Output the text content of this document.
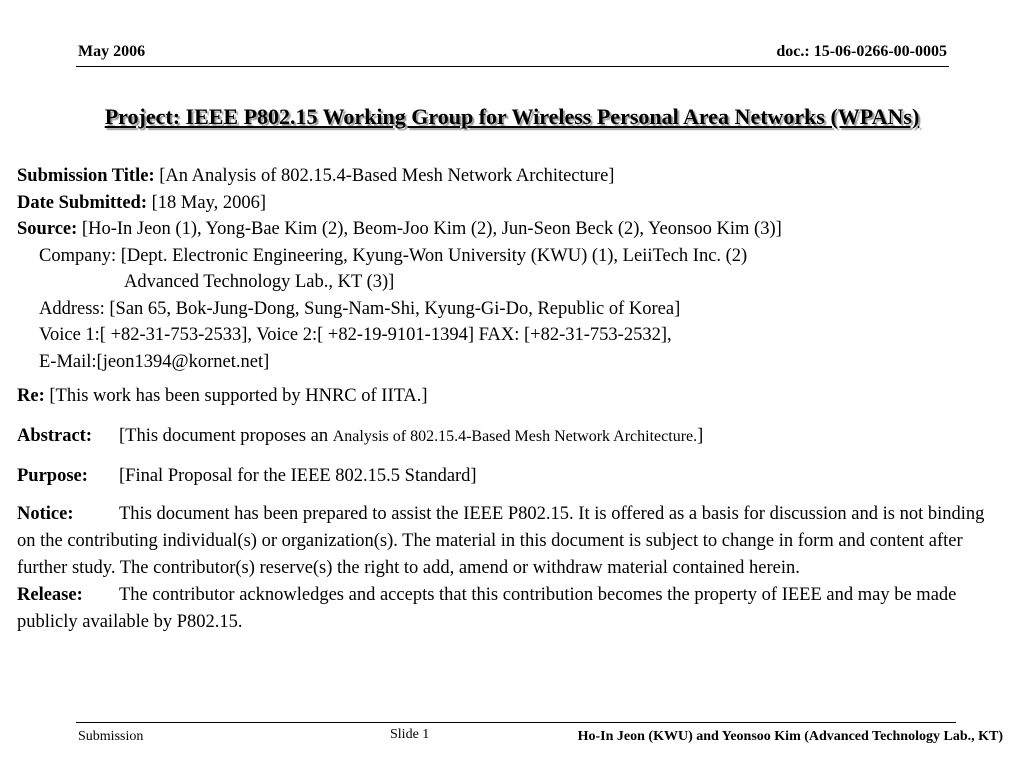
May 2006	doc.: 15-06-0266-00-0005
Project: IEEE P802.15 Working Group for Wireless Personal Area Networks (WPANs)
Submission Title: [An Analysis of 802.15.4-Based Mesh Network Architecture]
Date Submitted: [18 May, 2006]
Source: [Ho-In Jeon (1), Yong-Bae Kim (2), Beom-Joo Kim (2), Jun-Seon Beck (2), Yeonsoo Kim (3)]
Company: [Dept. Electronic Engineering, Kyung-Won University (KWU) (1), LeiiTech Inc. (2)
Advanced Technology Lab., KT (3)]
Address: [San 65, Bok-Jung-Dong, Sung-Nam-Shi, Kyung-Gi-Do, Republic of Korea]
Voice 1:[ +82-31-753-2533], Voice 2:[ +82-19-9101-1394] FAX: [+82-31-753-2532],
E-Mail:[jeon1394@kornet.net]
Re: [This work has been supported by HNRC of IITA.]
Abstract: [This document proposes an Analysis of 802.15.4-Based Mesh Network Architecture.]
Purpose: [Final Proposal for the IEEE 802.15.5 Standard]
Notice: This document has been prepared to assist the IEEE P802.15. It is offered as a basis for discussion and is not binding on the contributing individual(s) or organization(s). The material in this document is subject to change in form and content after further study. The contributor(s) reserve(s) the right to add, amend or withdraw material contained herein.
Release: The contributor acknowledges and accepts that this contribution becomes the property of IEEE and may be made publicly available by P802.15.
Submission	Slide 1	Ho-In Jeon (KWU) and Yeonsoo Kim (Advanced Technology Lab., KT)
